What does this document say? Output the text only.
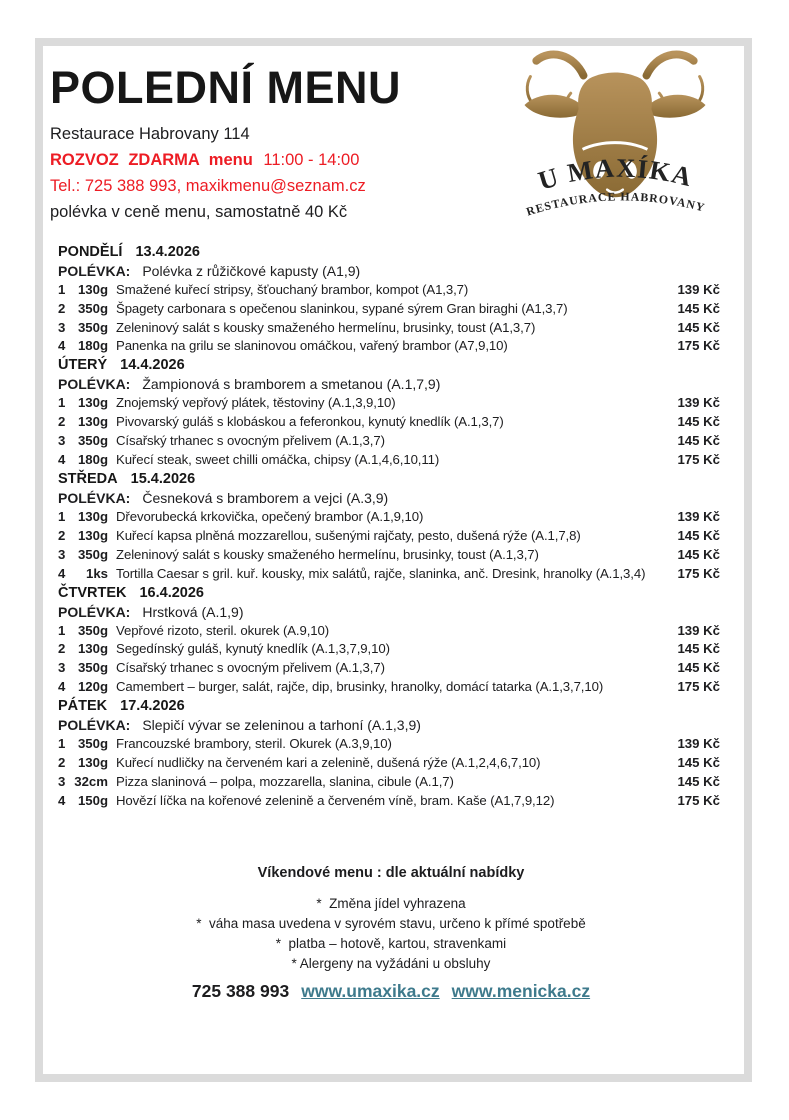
POLEDNÍ MENU
Restaurace Habrovany 114
ROZVOZ ZDARMA menu 11:00 - 14:00
Tel.: 725 388 993, maxikmenu@seznam.cz
polévka v ceně menu, samostatně 40 Kč
U MAXÍKA
RESTAURACE HABROVANY
PONDĚLÍ 13.4.2026
POLÉVKA: Polévka z růžičkové kapusty (A1,9)
1 130g Smažené kuřecí stripsy, šťouchaný brambor, kompot (A1,3,7)	139 Kč
2 350g Špagety carbonara s opečenou slaninkou, sypané sýrem Gran biraghi (A1,3,7)	145 Kč
3 350g Zeleninový salát s kousky smaženého hermelínu, brusinky, toust (A1,3,7)	145 Kč
4 180g Panenka na grilu se slaninovou omáčkou, vařený brambor (A7,9,10)	175 Kč
ÚTERÝ 14.4.2026
POLÉVKA: Žampionová s bramborem a smetanou (A.1,7,9)
1 130g Znojemský vepřový plátek, těstoviny (A.1,3,9,10)	139 Kč
2 130g Pivovarský guláš s klobáskou a feferonkou, kynutý knedlík (A.1,3,7)	145 Kč
3 350g Císařský trhanec s ovocným přelivem (A.1,3,7)	145 Kč
4 180g Kuřecí steak, sweet chilli omáčka, chipsy (A.1,4,6,10,11)	175 Kč
STŘEDA 15.4.2026
POLÉVKA: Česneková s bramborem a vejci (A.3,9)
1 130g Dřevorubecká krkovička, opečený brambor (A.1,9,10)	139 Kč
2 130g Kuřecí kapsa plněná mozzarellou, sušenými rajčaty, pesto, dušená rýže (A.1,7,8)	145 Kč
3 350g Zeleninový salát s kousky smaženého hermelínu, brusinky, toust (A.1,3,7)	145 Kč
4	1ks Tortilla Caesar s gril. kuř. kousky, mix salátů, rajče, slaninka, anč. Dresink, hranolky (A.1,3,4)	175 Kč
ČTVRTEK 16.4.2026
POLÉVKA: Hrstková (A.1,9)
1 350g Vepřové rizoto, steril. okurek (A.9,10)	139 Kč
2 130g Segedínský guláš, kynutý knedlík (A.1,3,7,9,10)	145 Kč
3 350g Císařský trhanec s ovocným přelivem (A.1,3,7)	145 Kč
4 120g Camembert – burger, salát, rajče, dip, brusinky, hranolky, domácí tatarka (A.1,3,7,10)	175 Kč
PÁTEK 17.4.2026
POLÉVKA: Slepičí vývar se zeleninou a tarhoní (A.1,3,9)
1 350g Francouzské brambory, steril. Okurek (A.3,9,10)	139 Kč
2 130g Kuřecí nudličky na červeném kari a zelenině, dušená rýže (A.1,2,4,6,7,10)	145 Kč
3 32cm Pizza slaninová – polpa, mozzarella, slanina, cibule (A.1,7)	145 Kč
4 150g Hovězí líčka na kořenové zelenině a červeném víně, bram. Kaše (A1,7,9,12)	175 Kč
Víkendové menu : dle aktuální nabídky
*  Změna jídel vyhrazena
*  váha masa uvedena v syrovém stavu, určeno k přímé spotřebě
*  platba – hotově, kartou, stravenkami
* Alergeny na vyžádáni u obsluhy
725 388 993 www.umaxika.cz www.menicka.cz
